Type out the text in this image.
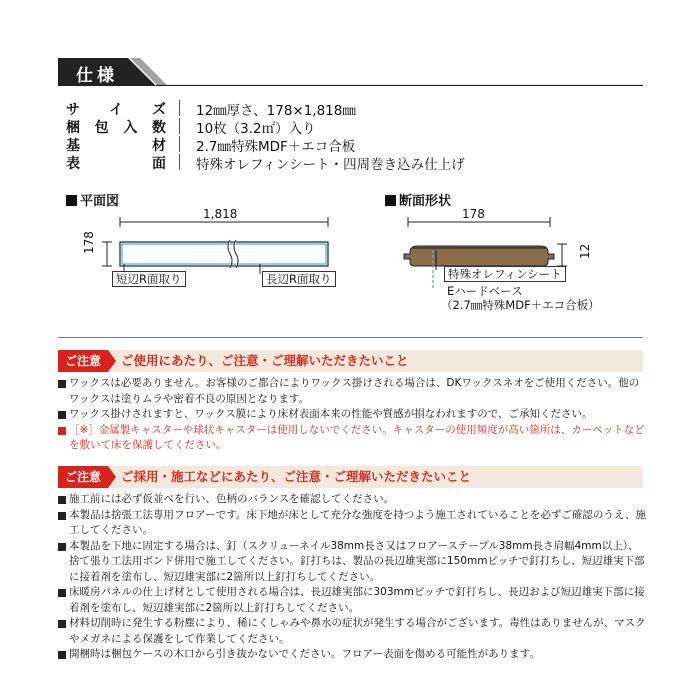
仕様
サ イ ズ 12㎜厚さ、178×1,818㎜
梱 包 入 数 10枚（3.2㎡）入り
基	材 2.7㎜特殊MDF＋エコ合板
表	面 特殊オレフィンシート・四周巻き込み仕上げ
平面図
1,818
178
短辺R面取り	長辺R面取り
断面形状
178
12
特殊オレフィンシート
Eハードベース
（2.7㎜特殊MDF＋エコ合板）
ご注意	ご使用にあたり、ご注意・ご理解いただきたいこと
ワックスは必要ありません。お客様のご都合によりワックス掛けされる場合は、DKワックスネオをご使用ください。他のワックスは塗りムラや密着不良の原因となります。
ワックス掛けされますと、ワックス膜により床材表面本来の性能や質感が損なわれますので、ご承知ください。
［※］金属製キャスターや球状キャスターは使用しないでください。キャスターの使用頻度が高い箇所は、カーペットなどを敷いて床を保護してください。
ご注意	ご採用・施工などにあたり、ご注意・ご理解いただきたいこと
施工前には必ず仮並べを行い、色柄のバランスを確認してください。
本製品は捨張工法専用フロアーです。床下地が床として充分な強度を持つよう施工されていることを必ずご確認のうえ、施工してください。
本製品を下地に固定する場合は、釘（スクリューネイル38mm長さ又はフロアーステープル38mm長さ肩幅4mm以上）、捨て張り工法用ボンド併用で施工してください。釘打ちは、製品の長辺雄実部に150mmピッチで釘打ちし、短辺雄実下部に接着剤を塗布し、短辺雄実部に2箇所以上釘打ちしてください。
床暖房パネルの仕上げ材として使用される場合は、長辺雄実部に303mmピッチで釘打ちし、長辺および短辺雄実下部に接着剤を塗布し、短辺雄実部に2箇所以上釘打ちしてください。
材料切削時に発生する粉塵により、稀にくしゃみや鼻水の症状が発生する場合がございます。毒性はありませんが、マスクやメガネによる保護をして作業してください。
開梱時は梱包ケースの木口から引き抜かないでください。フロアー表面を傷める可能性があります。
